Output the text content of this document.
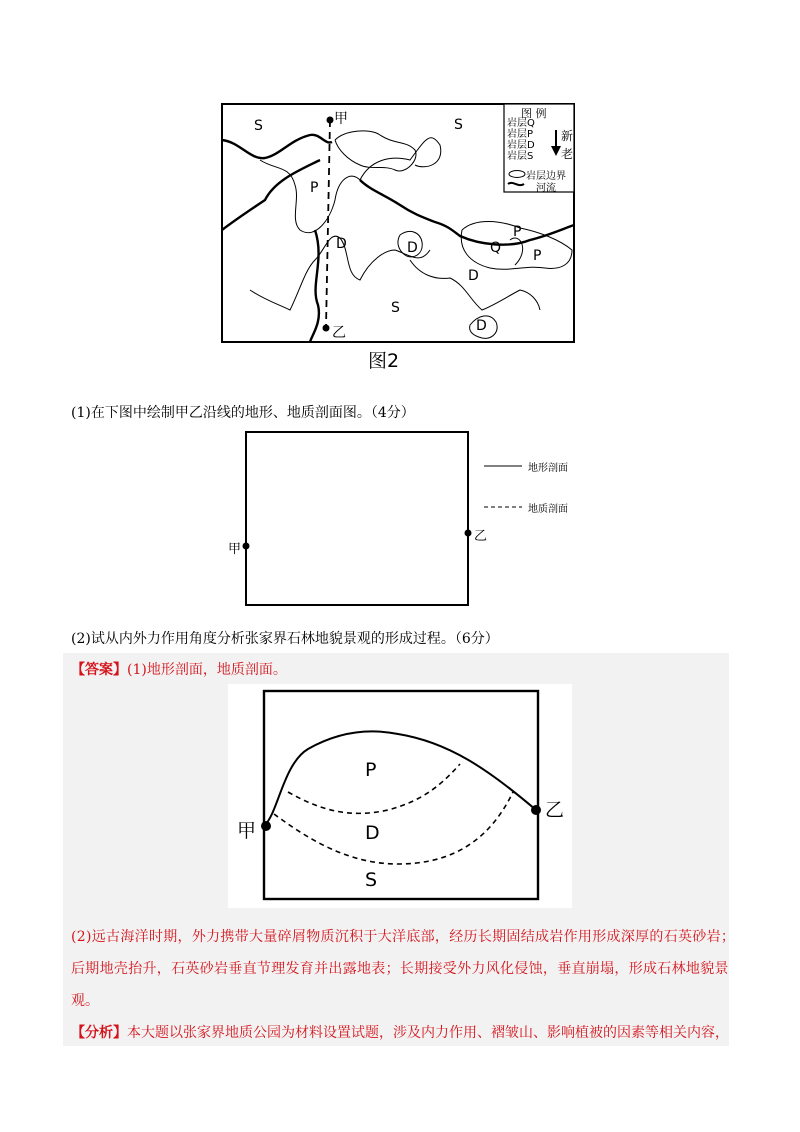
甲
乙
S	S
P
P
D	D
S
Q P
D
D
图 例
岩层Q
岩层P
岩层D
岩层S
新
老
岩层边界
河流
图2
(1)在下图中绘制甲乙沿线的地形、地质剖面图。（4分）
甲
乙
地形剖面
地质剖面
(2)试从内外力作用角度分析张家界石林地貌景观的形成过程。（6分）
【答案】(1)地形剖面，地质剖面。
甲
乙
P
D
S
(2)远古海洋时期，外力携带大量碎屑物质沉积于大洋底部，经历长期固结成岩作用形成深厚的石英砂岩；
后期地壳抬升，石英砂岩垂直节理发育并出露地表；长期接受外力风化侵蚀，垂直崩塌，形成石林地貌景
观。
【分析】本大题以张家界地质公园为材料设置试题，涉及内力作用、褶皱山、影响植被的因素等相关内容，
